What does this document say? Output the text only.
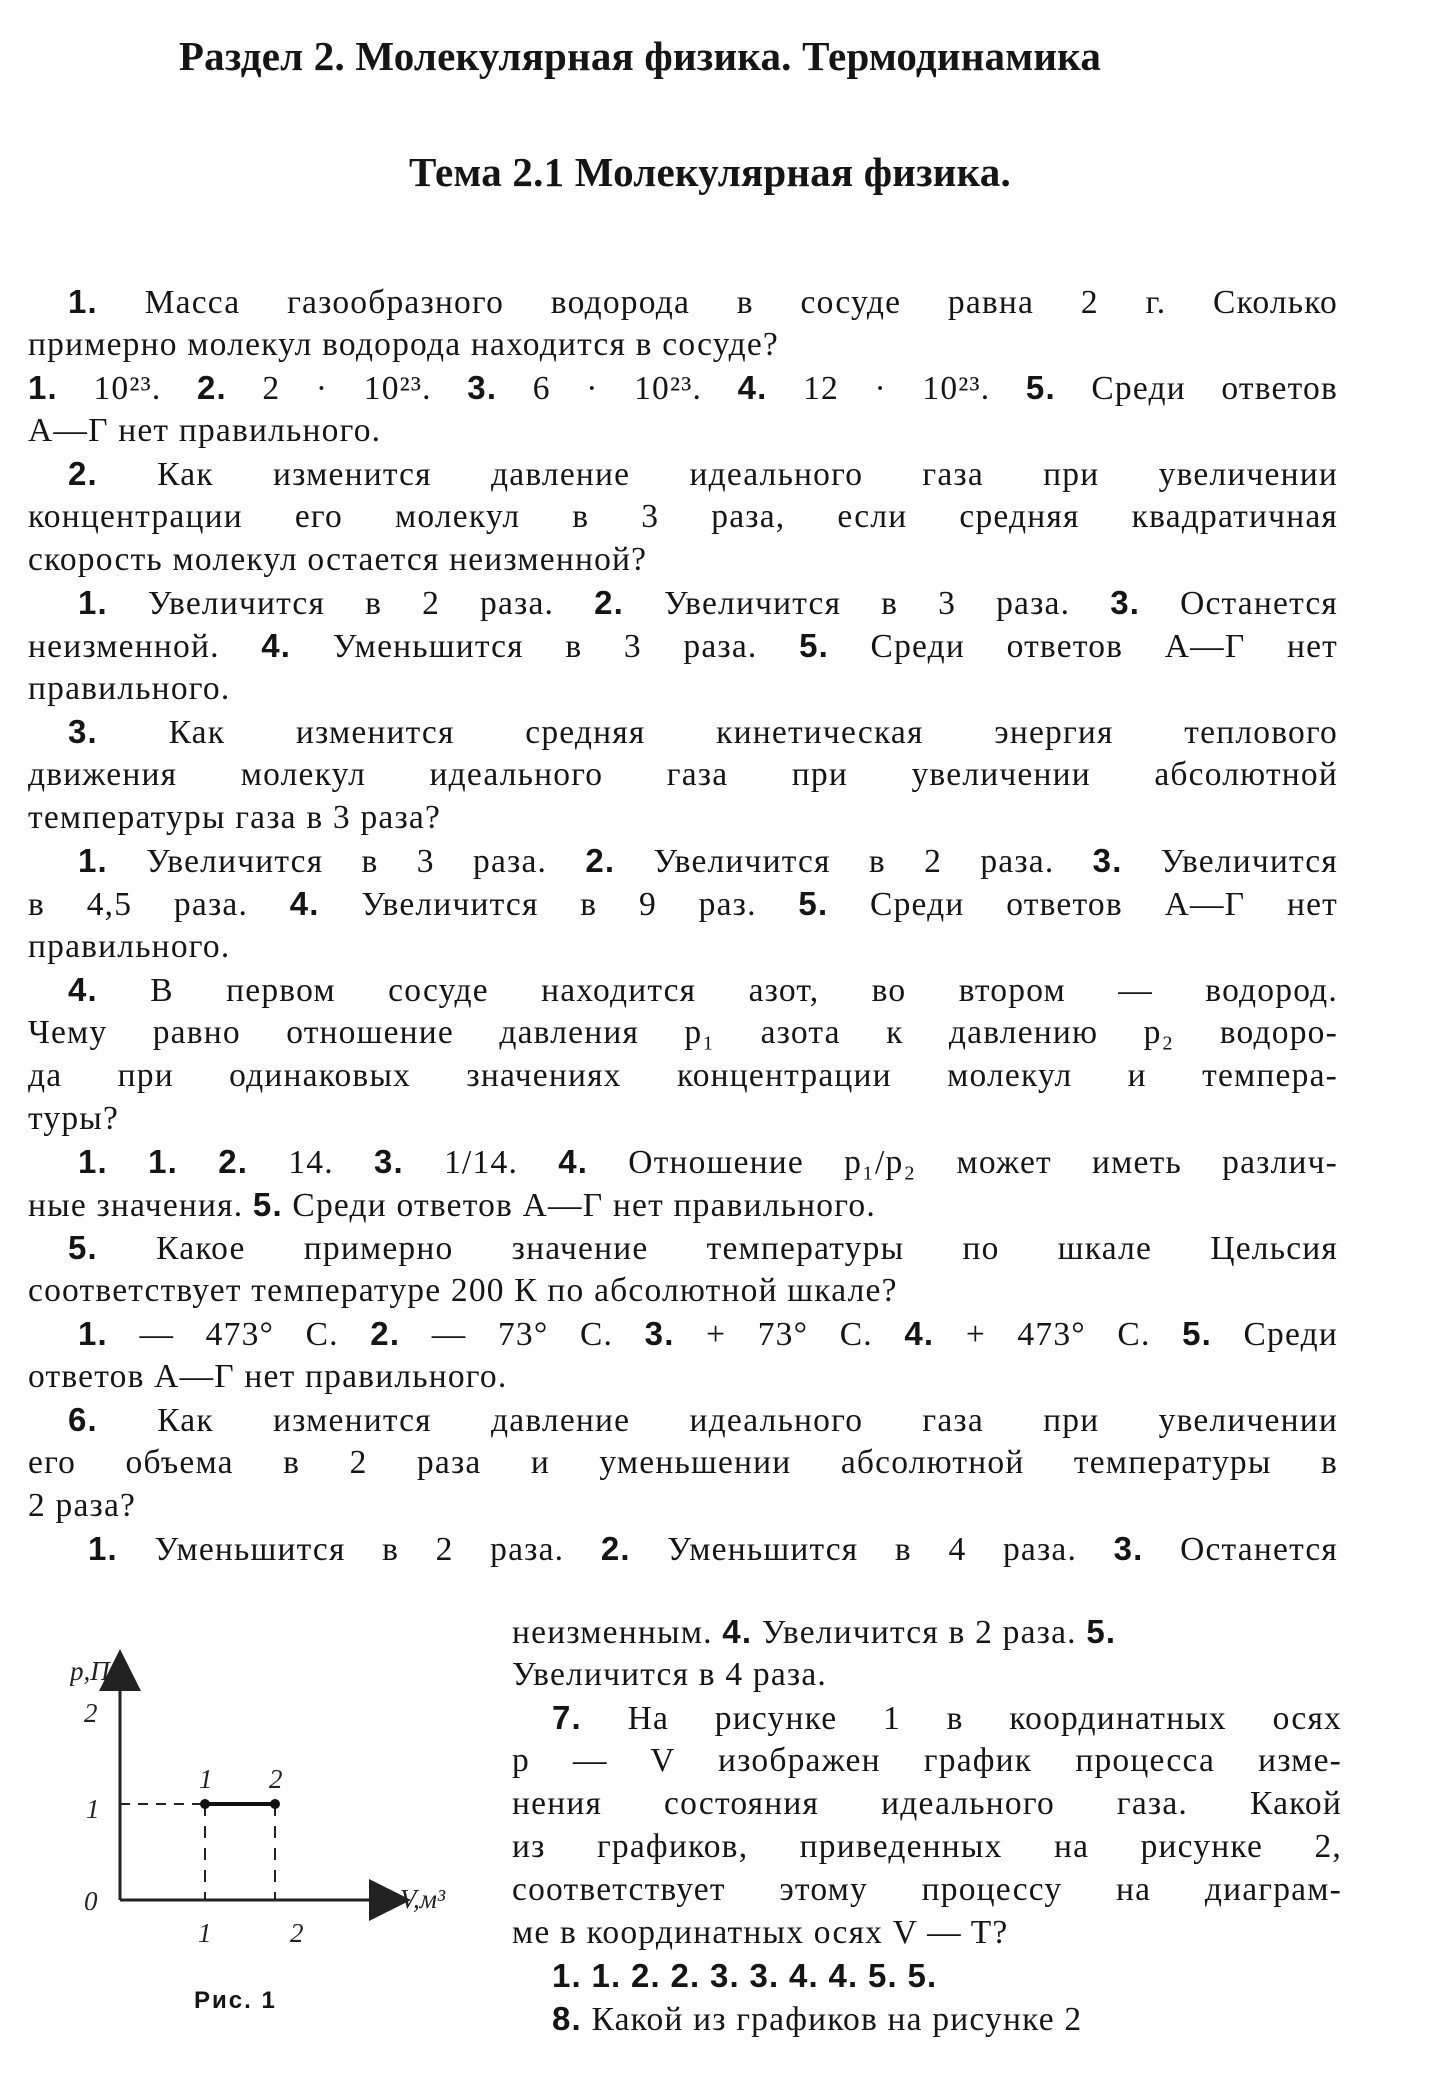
Раздел 2. Молекулярная физика. Термодинамика
Тема 2.1 Молекулярная физика.
1. Масса газообразного водорода в сосуде равна 2 г. Сколько
примерно молекул водорода находится в сосуде?
1. 10²³. 2. 2 · 10²³. 3. 6 · 10²³. 4. 12 · 10²³. 5. Среди ответов
А—Г нет правильного.
2. Как изменится давление идеального газа при увеличении
концентрации его молекул в 3 раза, если средняя квадратичная
скорость молекул остается неизменной?
1. Увеличится в 2 раза. 2. Увеличится в 3 раза. 3. Останется
неизменной. 4. Уменьшится в 3 раза. 5. Среди ответов А—Г нет
правильного.
3. Как изменится средняя кинетическая энергия теплового
движения молекул идеального газа при увеличении абсолютной
температуры газа в 3 раза?
1. Увеличится в 3 раза. 2. Увеличится в 2 раза. 3. Увеличится
в 4,5 раза. 4. Увеличится в 9 раз. 5. Среди ответов А—Г нет
правильного.
4. В первом сосуде находится азот, во втором — водород.
Чему равно отношение давления p₁ азота к давлению p₂ водоро-
да при одинаковых значениях концентрации молекул и темпера-
туры?
1. 1. 2. 14. 3. 1/14. 4. Отношение p₁/p₂ может иметь различ-
ные значения. 5. Среди ответов А—Г нет правильного.
5. Какое примерно значение температуры по шкале Цельсия
соответствует температуре 200 К по абсолютной шкале?
1. — 473° С. 2. — 73° С. 3. + 73° С. 4. + 473° С. 5. Среди
ответов А—Г нет правильного.
6. Как изменится давление идеального газа при увеличении
его объема в 2 раза и уменьшении абсолютной температуры в
2 раза?
1. Уменьшится в 2 раза. 2. Уменьшится в 4 раза. 3. Останется
неизменным. 4. Увеличится в 2 раза. 5.
Увеличится в 4 раза.
7. На рисунке 1 в координатных осях
p — V изображен график процесса изме-
нения состояния идеального газа. Какой
из графиков, приведенных на рисунке 2,
соответствует этому процессу на диаграм-
ме в координатных осях V — T?
1. 1. 2. 2. 3. 3. 4. 4. 5. 5.
8. Какой из графиков на рисунке 2
p,Па
V,м³
2
1
0
1	2
1 2
Рис. 1
